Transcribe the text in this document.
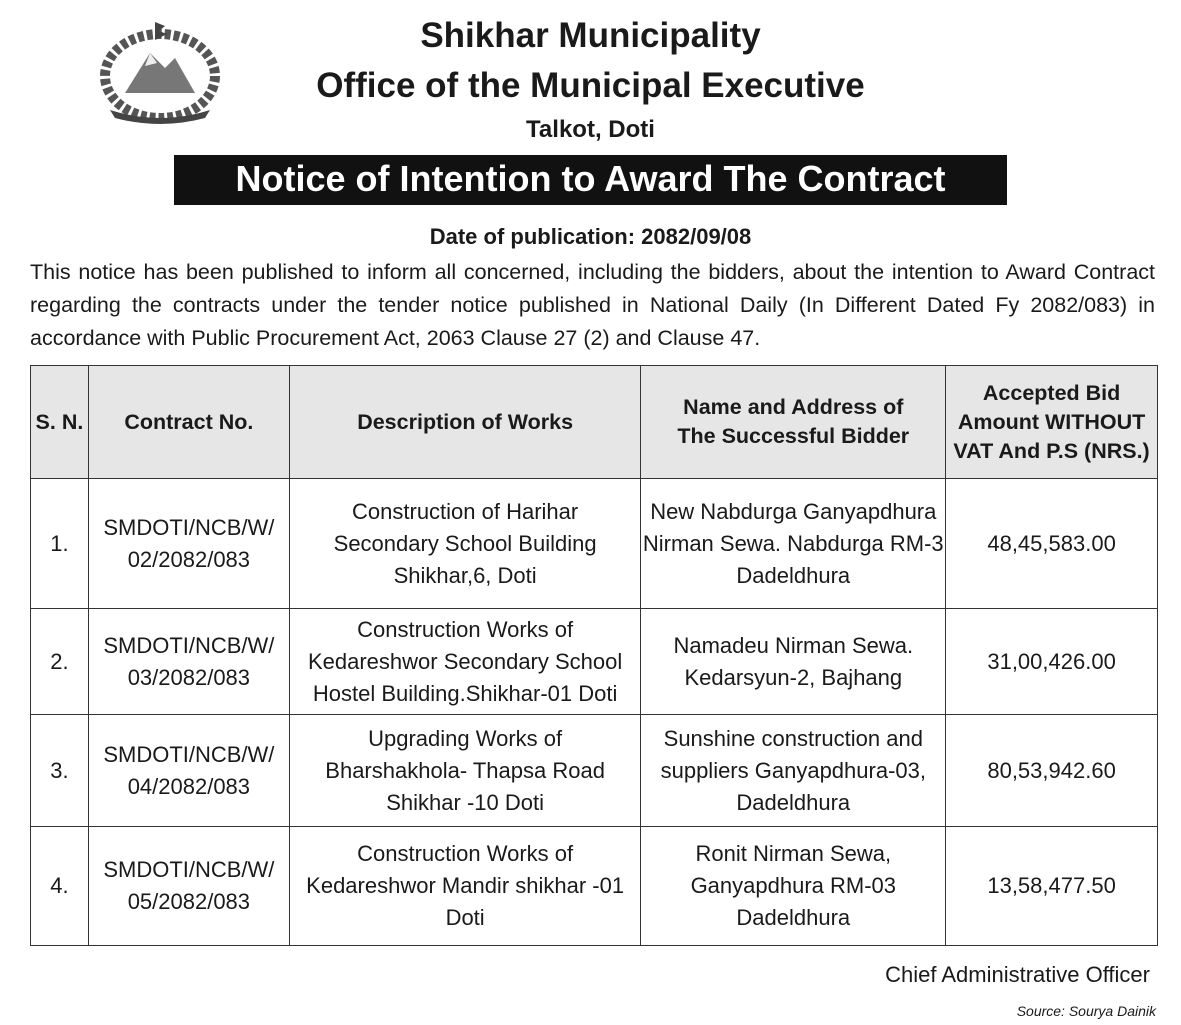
Shikhar Municipality
Office of the Municipal Executive
Talkot, Doti
Notice of Intention to Award The Contract
Date of publication: 2082/09/08
This notice has been published to inform all concerned, including the bidders, about the intention to Award Contract regarding the contracts under the tender notice published in National Daily (In Different Dated Fy 2082/083) in accordance with Public Procurement Act, 2063 Clause 27 (2) and Clause 47.
S. N.	Contract No.	Description of Works	Name and Address of The Successful Bidder	Accepted Bid Amount WITHOUT VAT And P.S (NRS.)
1.	SMDOTI/NCB/W/ 02/2082/083	Construction of Harihar Secondary School Building Shikhar,6, Doti	New Nabdurga Ganyapdhura Nirman Sewa. Nabdurga RM-3 Dadeldhura	48,45,583.00
2.	SMDOTI/NCB/W/ 03/2082/083	Construction Works of Kedareshwor Secondary School Hostel Building.Shikhar-01 Doti	Namadeu Nirman Sewa. Kedarsyun-2, Bajhang	31,00,426.00
3.	SMDOTI/NCB/W/ 04/2082/083	Upgrading Works of Bharshakhola- Thapsa Road Shikhar -10 Doti	Sunshine construction and suppliers Ganyapdhura-03, Dadeldhura	80,53,942.60
4.	SMDOTI/NCB/W/ 05/2082/083	Construction Works of Kedareshwor Mandir shikhar -01 Doti	Ronit Nirman Sewa, Ganyapdhura RM-03 Dadeldhura	13,58,477.50
Chief Administrative Officer
Source: Sourya Dainik
